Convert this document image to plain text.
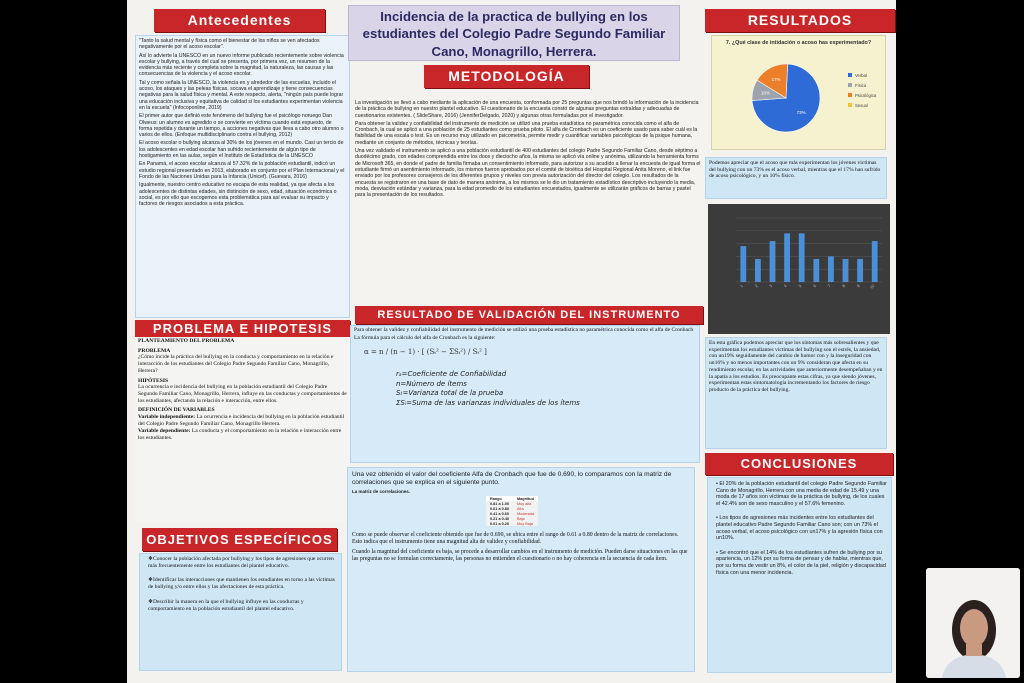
Antecedentes

"Tanto la salud mental y física como el bienestar de los niños se ven afectados negativamente por el acoso escolar".

Así lo advierte la UNESCO en un nuevo informe publicado recientemente sobre violencia escolar y bullying, a través del cual se presenta, por primera vez, un resumen de la evidencia más reciente y completa sobre la magnitud, la naturaleza, las causas y las consecuencias de la violencia y el acoso escolar.

Tal y como señala la UNESCO, la violencia en y alrededor de las escuelas, incluido el acoso, los ataques y las peleas físicas, socava el aprendizaje y tiene consecuencias negativas para la salud física y mental. A este respecto, alerta, "ningún país puede lograr una educación inclusiva y equitativa de calidad si los estudiantes experimentan violencia en la escuela" (Infocoponline, 2019)

El primer autor que definió este fenómeno del bullying fue el psicólogo noruego Dan Olweus: un alumno es agredido o se convierte en víctima cuando está expuesto, de forma repetida y durante un tiempo, a acciones negativas que lleva a cabo otro alumno o varios de ellos. (Enfoque multidisciplinario contra el bullying, 2012)

El acoso escolar o bullying alcanza al 30% de los jóvenes en el mundo. Casi un tercio de los adolescentes en edad escolar han sufrido recientemente de algún tipo de hostigamiento en las aulas, según el Instituto de Estadística de la UNESCO

En Panamá, el acoso escolar alcanza al 57.32% de la población estudiantil, indicó un estudio regional presentado en 2013, elaborado en conjunto por el Plan Internacional y el Fondo de las Naciones Unidas para la Infancia (Unicef). (Guevara, 2016)

Igualmente, nuestro centro educativo no escapa de esta realidad, ya que afecta a los adolescentes de distintas edades, sin distinción de sexo, edad, situación económica o social, es por ello que escogemos esta problemática para así evaluar su impacto y factores de riesgos asociados a esta práctica.

PROBLEMA E HIPOTESIS

PLANTEAMIENTO DEL PROBLEMA

PROBLEMA

¿Cómo incide la práctica del bullying en la conducta y comportamiento en la relación e interacción de los estudiantes del Colegio Padre Segundo Familiar Cano, Monagrillo, Herrera?

HIPÓTESIS

La ocurrencia e incidencia del bullying en la población estudiantil del Colegio Padre Segundo Familiar Cano, Monagrillo, Herrera, influye en las conductas y comportamientos de los estudiantes, afectando la relación e interacción, entre ellos.

DEFINICIÓN DE VARIABLES

Variable independiente: La ocurrencia e incidencia del bullying en la población estudiantil del Colegio Padre Segundo Familiar Cano, Monagrillo Herrera.

Variable dependiente: La conducta y el comportamiento en la relación e interacción entre los estudiantes.

OBJETIVOS ESPECÍFICOS
❖Conocer la población afectada por bullying y los tipos de agresiones que ocurren más frecuentemente entre los estudiantes del plantel educativo.
❖Identificar las interacciones que mantienen los estudiantes en torno a las víctimas de bullying y/o entre ellos y las afectaciones de esta práctica.
❖Describir la manera en la que el bullying influye en las conductas y comportamiento en la población estudiantil del plantel educativo.
Incidencia de la practica de bullying en los estudiantes del Colegio Padre Segundo Familiar Cano, Monagrillo, Herrera.
METODOLOGÍA

La investigación se llevó a cabo mediante la aplicación de una encuesta, conformada por 25 preguntas que nos brindó la información de la incidencia de la práctica de bullying en nuestro plantel educativo. El cuestionario de la encuesta constó de algunas preguntas extraídas y adecuadas de cuestionarios existentes. ( SlideShare, 2016) (JenniferDelgado, 2020) y algunas otras formuladas por el investigador.

Para obtener la validez y confiabilidad del instrumento de medición se utilizó una prueba estadística no paramétrica conocida como el alfa de Cronbach, la cual se aplicó a una población de 25 estudiantes como prueba piloto. El alfa de Cronbach es un coeficiente usado para saber cuál es la fiabilidad de una escala o test. Es un recurso muy utilizado en psicometría, permite medir y cuantificar variables psicológicas de la psique humana, mediante un conjunto de métodos, técnicas y teorías.

Una vez validado el instrumento se aplicó a una población estudiantil de 400 estudiantes del colegio Padre Segundo Familiar Cano, desde séptimo a duodécimo grado, con edades comprendida entre los doce y dieciocho años, la misma se aplicó vía online y anónima, utilizando la herramienta forms de Microsoft 365, en donde el padre de familia firmaba un consentimiento informado, para autorizar a su acudido a llenar la encuesta de igual forma el estudiante firmó un asentimiento informado, los mismos fueron aprobados por el comité de bioética del Hospital Regional Anita Moreno, el link fue enviado por los profesores consejeros de los diferentes grupos y niveles con previa autorización del director del colegio. Los resultados de la encuesta se registraron en una base de dato de manera anónima, a los mismos se le dio un tratamiento estadístico descriptivo incluyendo la media, moda, desviación estándar y varianza, para la edad promedio de los estudiantes encuestados, igualmente se utilizarán gráficos de barras y pastel para la presentación de los resultados.

RESULTADO DE VALIDACIÓN DEL INSTRUMENTO

Para obtener la validez y confiabilidad del instrumento de medición se utilizó una prueba estadística no paramétrica conocida como el alfa de Cronbach

La fórmula para el cálculo del alfa de Cronbach es la siguiente:

α = n / (n − 1) · [ (Sₜ² − ΣSᵢ²) / Sₜ² ]
rₐ=Coeficiente de Confiabilidad
n=Número de ítems
Sₜ=Varianza total de la prueba
ΣSᵢ=Suma de las varianzas individuales de los ítems

Una vez obtenido el valor del coeficiente Alfa de Cronbach que fue de 0.690, lo comparamos con la matriz de correlaciones que se explica en el siguiente punto.

La matriz de correlaciones.

Rango	Magnitud
0.81 a 1.00	Muy alta
0.61 a 0.80	Alta
0.41 a 0.60	Moderada
0.21 a 0.40	Baja
0.01 a 0.20	Muy Baja

Como se puede observar el coeficiente obtenido que fue de 0.690, se ubica entre el rango de 0.61 a 0.80 dentro de la matriz de correlaciones. Esto indica que el instrumento tiene una magnitud alta de validez y confiabilidad.

Cuando la magnitud del coeficiente es baja, se procede a desarrollar cambios en el instrumento de medición. Pueden darse situaciones en las que las preguntas no se formulan correctamente, las personas no entienden el cuestionario o no hay coherencia en la secuencia de cada ítem.

RESULTADOS
7. ¿Qué clase de intidación o acoso has experimentado?
73%
10%
17%
Verbal
Física
Psicológica
Sexual

Podemos apreciar que el acoso que más experimentan los jóvenes victimas del bullying con un 73% es el acoso verbal, mientras que el 17% han sufrido de acoso psicológico, y un 10% físico.

1 2 3 4 5 6 7 8 9 10

En esta gráfica podemos apreciar que los síntomas más sobresalientes y que experimentan los estudiantes víctimas del bullying son el estrés, la ansiedad, con un19% seguidamente del cambio de humor con y la inseguridad con un16% y no menos importantes con un 9% consideran que afecta en su rendimiento escolar, en las actividades que anteriormente desempeñaban y en la apatía a los estudios. Es preocupante estas cifras, ya que siendo jóvenes, experimentan estas sintomatología incrementando los factores de riesgo producto de la práctica del bullying.

CONCLUSIONES
• El 20% de la población estudiantil del colegio Padre Segundo Familiar Cano de Monagrillo, Herrera con una media de edad de 15.49 y una moda de 17 años son víctimas de la práctica de bullying, de los cuales el 42.4% son de sexo masculino y el 57.6% femenino.
• Los tipos de agresiones más incidentes entre los estudiantes del plantel educativo Padre Segundo Familiar Cano son; con un 73% el acoso verbal, el acoso psicológico con un17% y la agresión física con un10%.
• Se encontró que el 14% de los estudiantes sufren de bullying por su apariencia, un 12% por su forma de pensar y de hablar, mientras que, por su forma de vestir un 8%, el color de la piel, religión y discapacidad física con una menor incidencia.
